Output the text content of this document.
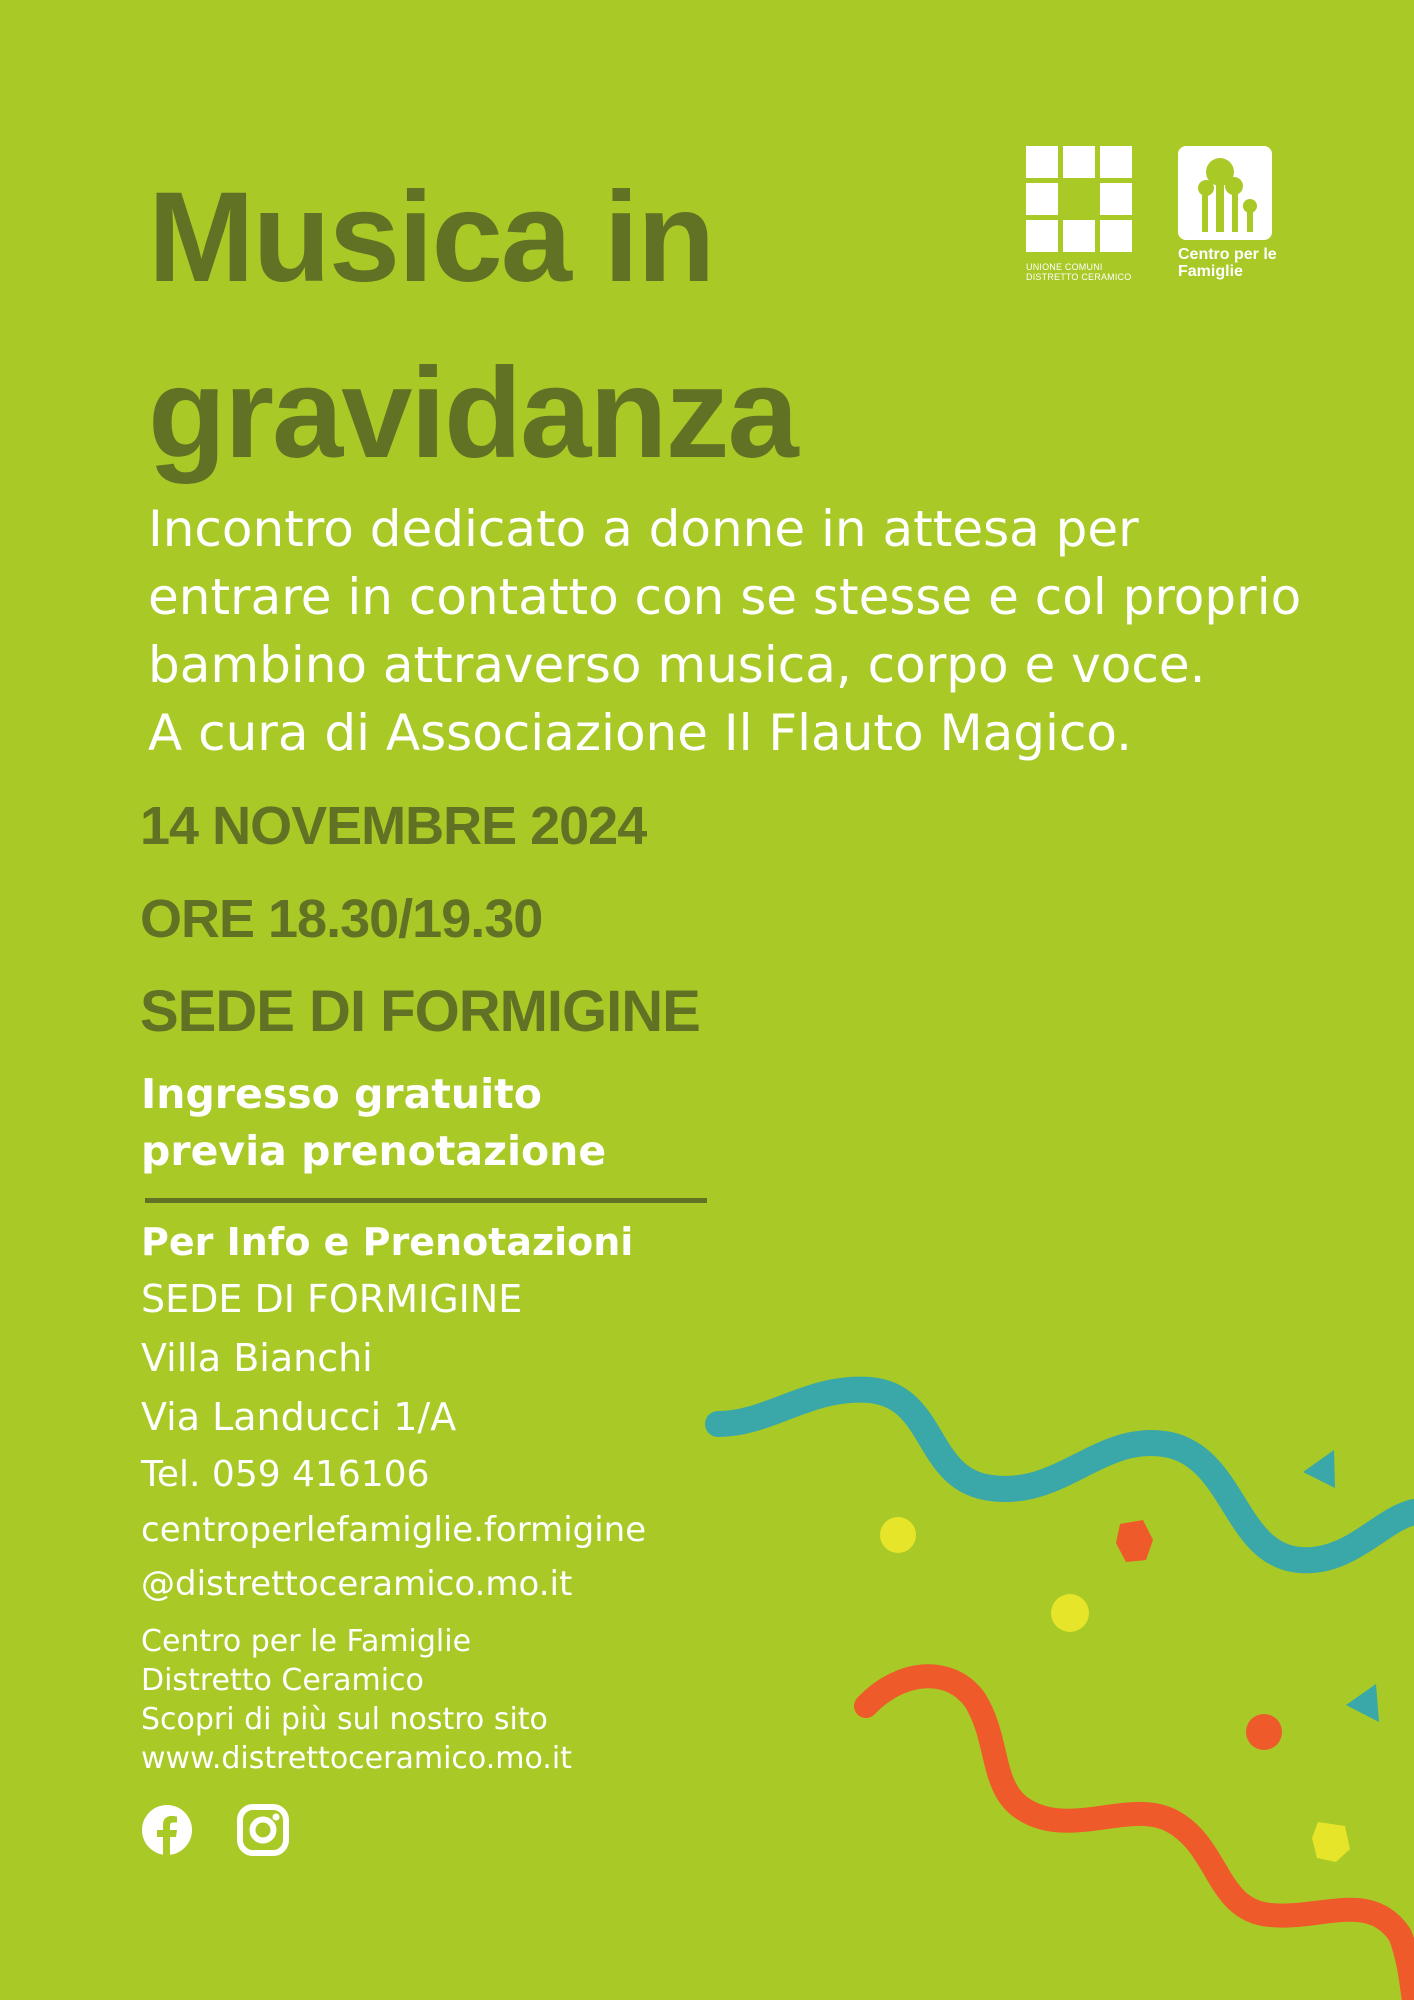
UNIONE COMUNI
DISTRETTO CERAMICO
Centro per le
Famiglie
Musica in
gravidanza
Incontro dedicato a donne in attesa per
entrare in contatto con se stesse e col proprio
bambino attraverso musica, corpo e voce.
A cura di Associazione Il Flauto Magico.
14 NOVEMBRE 2024
ORE 18.30/19.30
SEDE DI FORMIGINE
Ingresso gratuito
previa prenotazione
Per Info e Prenotazioni
SEDE DI FORMIGINE
Villa Bianchi
Via Landucci 1/A
Tel. 059 416106
centroperlefamiglie.formigine
@distrettoceramico.mo.it
Centro per le Famiglie
Distretto Ceramico
Scopri di più sul nostro sito
www.distrettoceramico.mo.it
